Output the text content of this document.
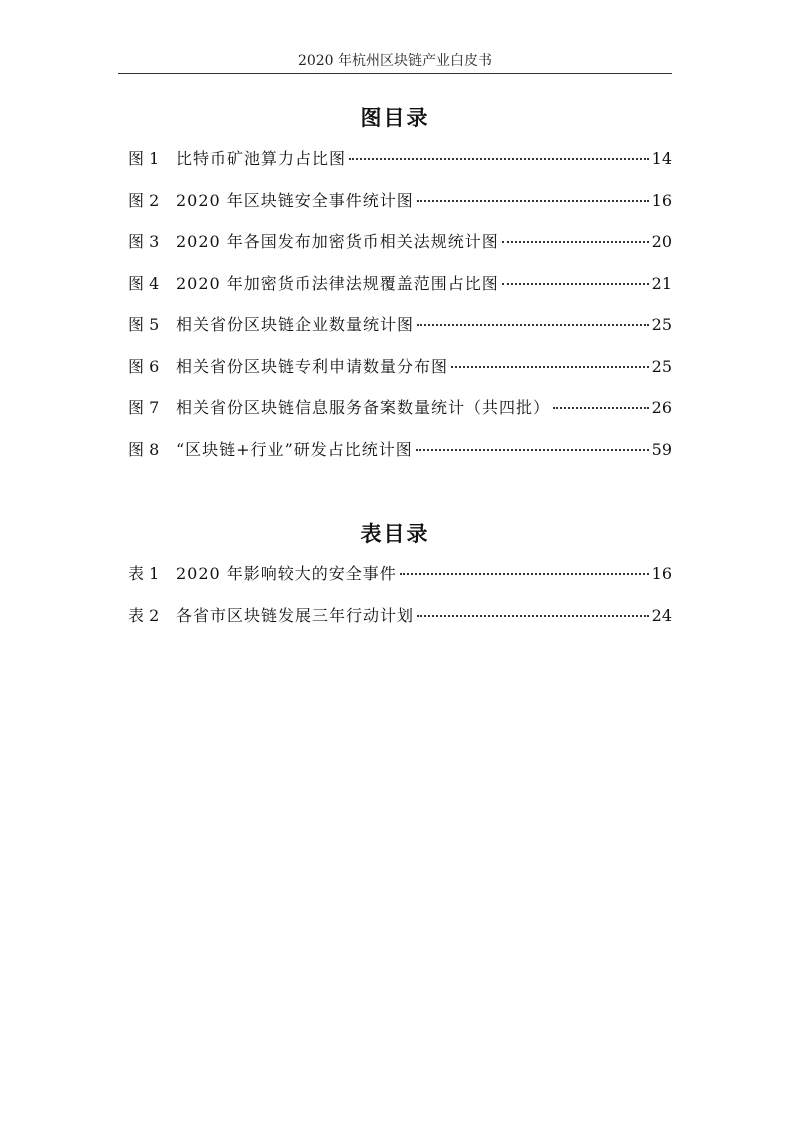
2020 年杭州区块链产业白皮书
图目录
图 1	比特币矿池算力占比图	14
图 2	2020 年区块链安全事件统计图	16
图 3	2020 年各国发布加密货币相关法规统计图	20
图 4	2020 年加密货币法律法规覆盖范围占比图	21
图 5	相关省份区块链企业数量统计图	25
图 6	相关省份区块链专利申请数量分布图	25
图 7	相关省份区块链信息服务备案数量统计（共四批）	26
图 8	“区块链+行业”研发占比统计图	59
表目录
表 1	2020 年影响较大的安全事件	16
表 2	各省市区块链发展三年行动计划	24
